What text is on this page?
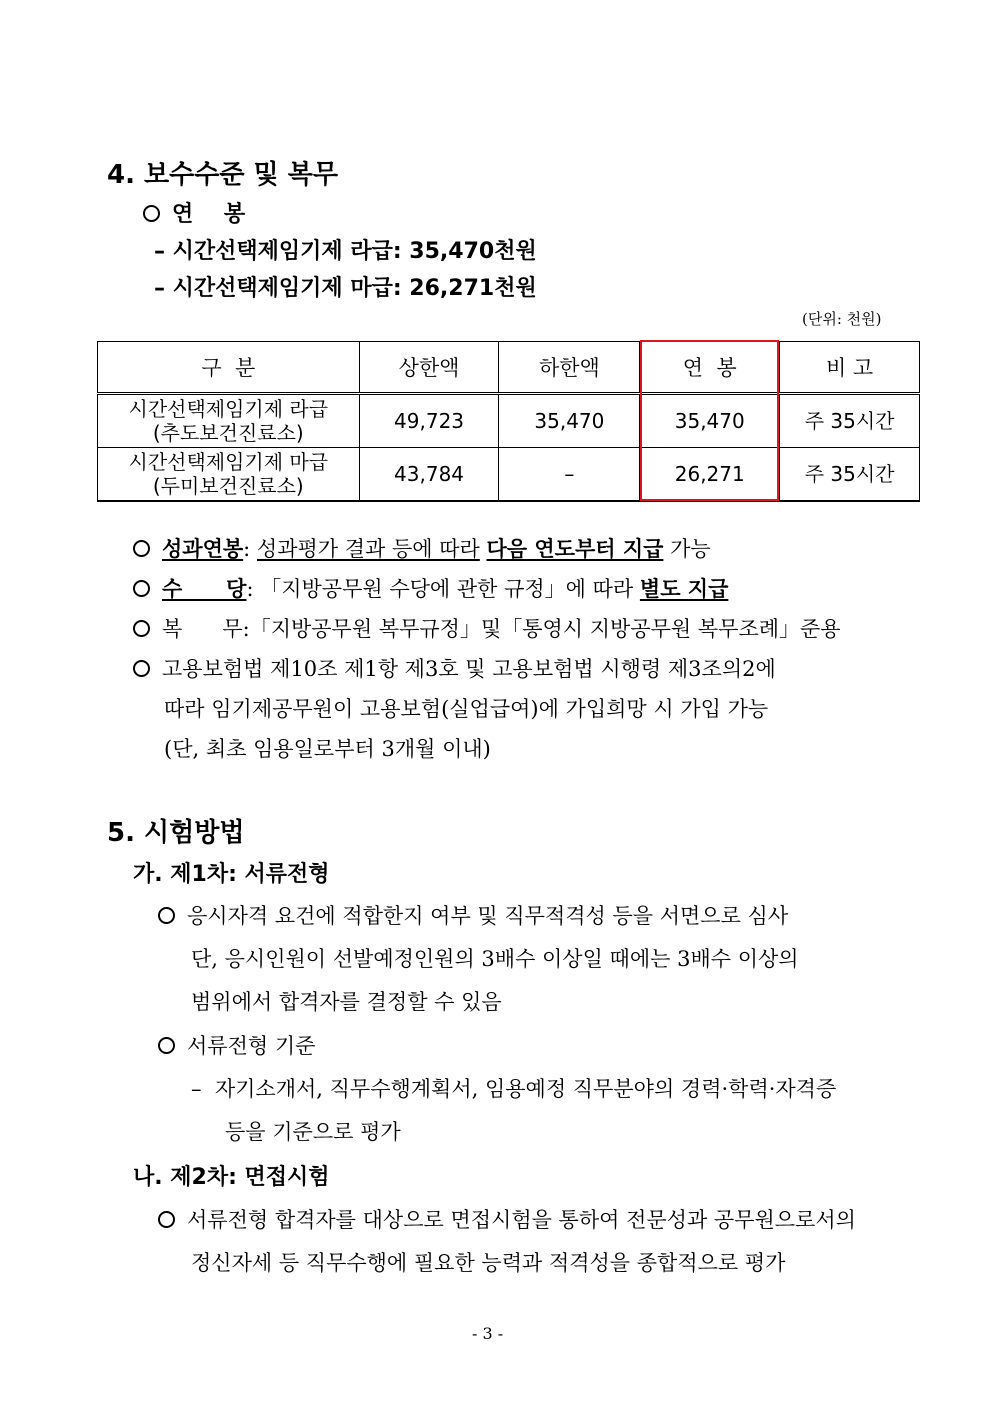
4. 보수수준 및 복무
연    봉
– 시간선택제임기제 라급: 35,470천원
– 시간선택제임기제 마급: 26,271천원
(단위: 천원)
구  분	상한액	하한액	연  봉	비 고

시간선택제임기제 라급
(추도보건진료소)	49,723	35,470	35,470	주 35시간

시간선택제임기제 마급
(두미보건진료소)	43,784	–	26,271	주 35시간
성과연봉: 성과평가 결과 등에 따라 다음 연도부터 지급 가능
수      당: 「지방공무원 수당에 관한 규정」에 따라 별도 지급
복      무:「지방공무원 복무규정」및「통영시 지방공무원 복무조례」준용
고용보험법 제10조 제1항 제3호 및 고용보험법 시행령 제3조의2에
따라 임기제공무원이 고용보험(실업급여)에 가입희망 시 가입 가능
(단, 최초 임용일로부터 3개월 이내)
5. 시험방법
가. 제1차: 서류전형
응시자격 요건에 적합한지 여부 및 직무적격성 등을 서면으로 심사
단, 응시인원이 선발예정인원의 3배수 이상일 때에는 3배수 이상의
범위에서 합격자를 결정할 수 있음
서류전형 기준
–  자기소개서, 직무수행계획서, 임용예정 직무분야의 경력·학력·자격증
등을 기준으로 평가
나. 제2차: 면접시험
서류전형 합격자를 대상으로 면접시험을 통하여 전문성과 공무원으로서의
정신자세 등 직무수행에 필요한 능력과 적격성을 종합적으로 평가
- 3 -
